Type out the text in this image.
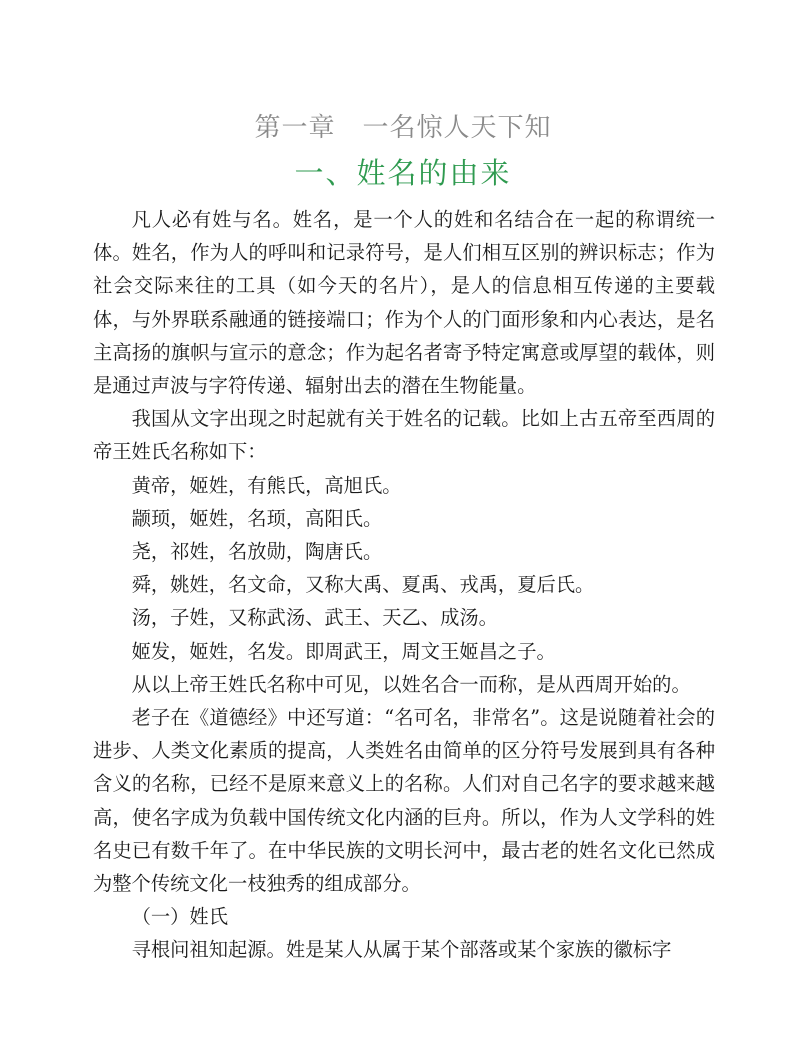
第一章　一名惊人天下知
一、姓名的由来

凡人必有姓与名。姓名，是一个人的姓和名结合在一起的称谓统一体。姓名，作为人的呼叫和记录符号，是人们相互区别的辨识标志；作为社会交际来往的工具（如今天的名片），是人的信息相互传递的主要载体，与外界联系融通的链接端口；作为个人的门面形象和内心表达，是名主高扬的旗帜与宣示的意念；作为起名者寄予特定寓意或厚望的载体，则是通过声波与字符传递、辐射出去的潜在生物能量。

我国从文字出现之时起就有关于姓名的记载。比如上古五帝至西周的帝王姓氏名称如下：

黄帝，姬姓，有熊氏，高旭氏。

颛顼，姬姓，名顼，高阳氏。

尧，祁姓，名放勋，陶唐氏。

舜，姚姓，名文命，又称大禹、夏禹、戎禹，夏后氏。

汤，子姓，又称武汤、武王、天乙、成汤。

姬发，姬姓，名发。即周武王，周文王姬昌之子。

从以上帝王姓氏名称中可见，以姓名合一而称，是从西周开始的。

老子在《道德经》中还写道：“名可名，非常名”。这是说随着社会的进步、人类文化素质的提高，人类姓名由简单的区分符号发展到具有各种含义的名称，已经不是原来意义上的名称。人们对自己名字的要求越来越高，使名字成为负载中国传统文化内涵的巨舟。所以，作为人文学科的姓名史已有数千年了。在中华民族的文明长河中，最古老的姓名文化已然成为整个传统文化一枝独秀的组成部分。

（一）姓氏

寻根问祖知起源。姓是某人从属于某个部落或某个家族的徽标字
